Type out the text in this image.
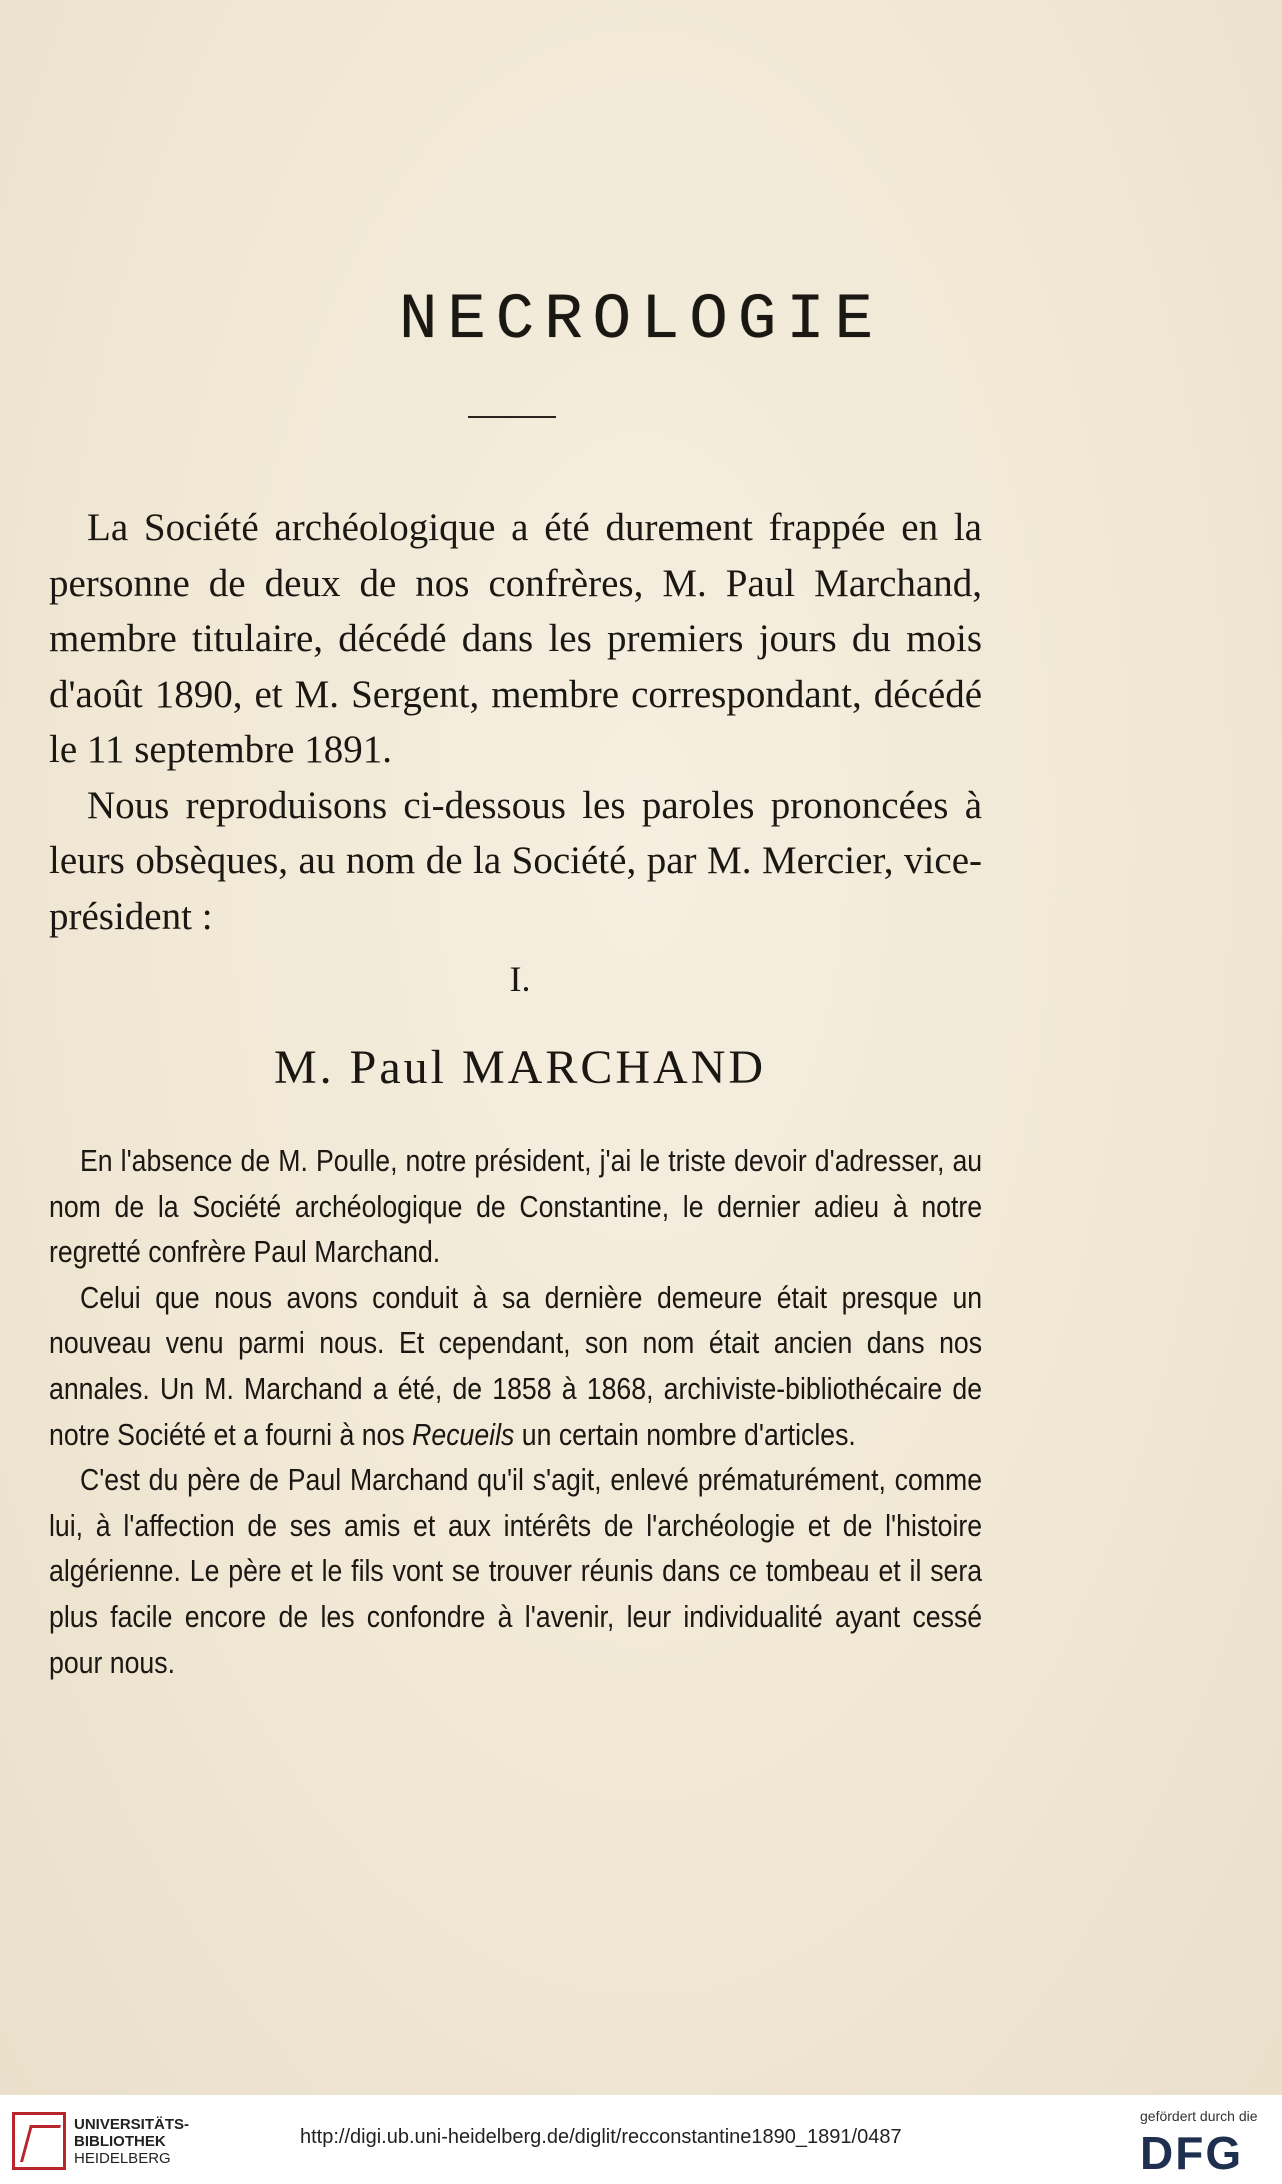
NECROLOGIE

La Société archéologique a été durement frappée en la personne de deux de nos confrères, M. Paul Marchand, membre titulaire, décédé dans les premiers jours du mois d'août 1890, et M. Sergent, membre correspondant, décédé le 11 septembre 1891.

Nous reproduisons ci-dessous les paroles prononcées à leurs obsèques, au nom de la Société, par M. Mercier, vice-président :

I.
M. Paul MARCHAND

En l'absence de M. Poulle, notre président, j'ai le triste devoir d'adresser, au nom de la Société archéologique de Constantine, le dernier adieu à notre regretté confrère Paul Marchand.

Celui que nous avons conduit à sa dernière demeure était presque un nouveau venu parmi nous. Et cependant, son nom était ancien dans nos annales. Un M. Marchand a été, de 1858 à 1868, archiviste-bibliothécaire de notre Société et a fourni à nos Recueils un certain nombre d'articles.

C'est du père de Paul Marchand qu'il s'agit, enlevé prématurément, comme lui, à l'affection de ses amis et aux intérêts de l'archéologie et de l'histoire algérienne. Le père et le fils vont se trouver réunis dans ce tombeau et il sera plus facile encore de les confondre à l'avenir, leur individualité ayant cessé pour nous.

UNIVERSITÄTS-
BIBLIOTHEK
HEIDELBERG
http://digi.ub.uni-heidelberg.de/diglit/recconstantine1890_1891/0487
gefördert durch die
DFG
